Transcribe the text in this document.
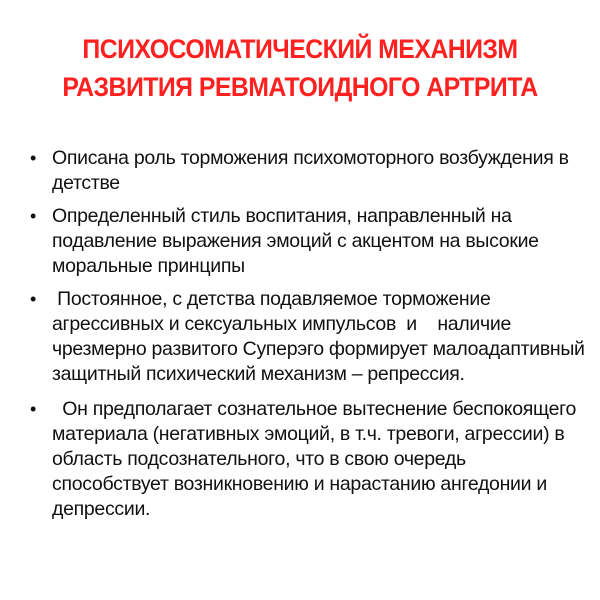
ПСИХОСОМАТИЧЕСКИЙ МЕХАНИЗМ
РАЗВИТИЯ РЕВМАТОИДНОГО АРТРИТА
• Описана роль торможения психомоторного возбуждения в детстве
• Определенный стиль воспитания, направленный на подавление выражения эмоций с акцентом на высокие моральные принципы
• Постоянное, с детства подавляемое торможение агрессивных и сексуальных импульсов  и    наличие чрезмерно развитого Суперэго формирует малоадаптивный защитный психический механизм – репрессия.
• Он предполагает сознательное вытеснение беспокоящего материала (негативных эмоций, в т.ч. тревоги, агрессии) в область подсознательного, что в свою очередь способствует возникновению и нарастанию ангедонии и депрессии.
